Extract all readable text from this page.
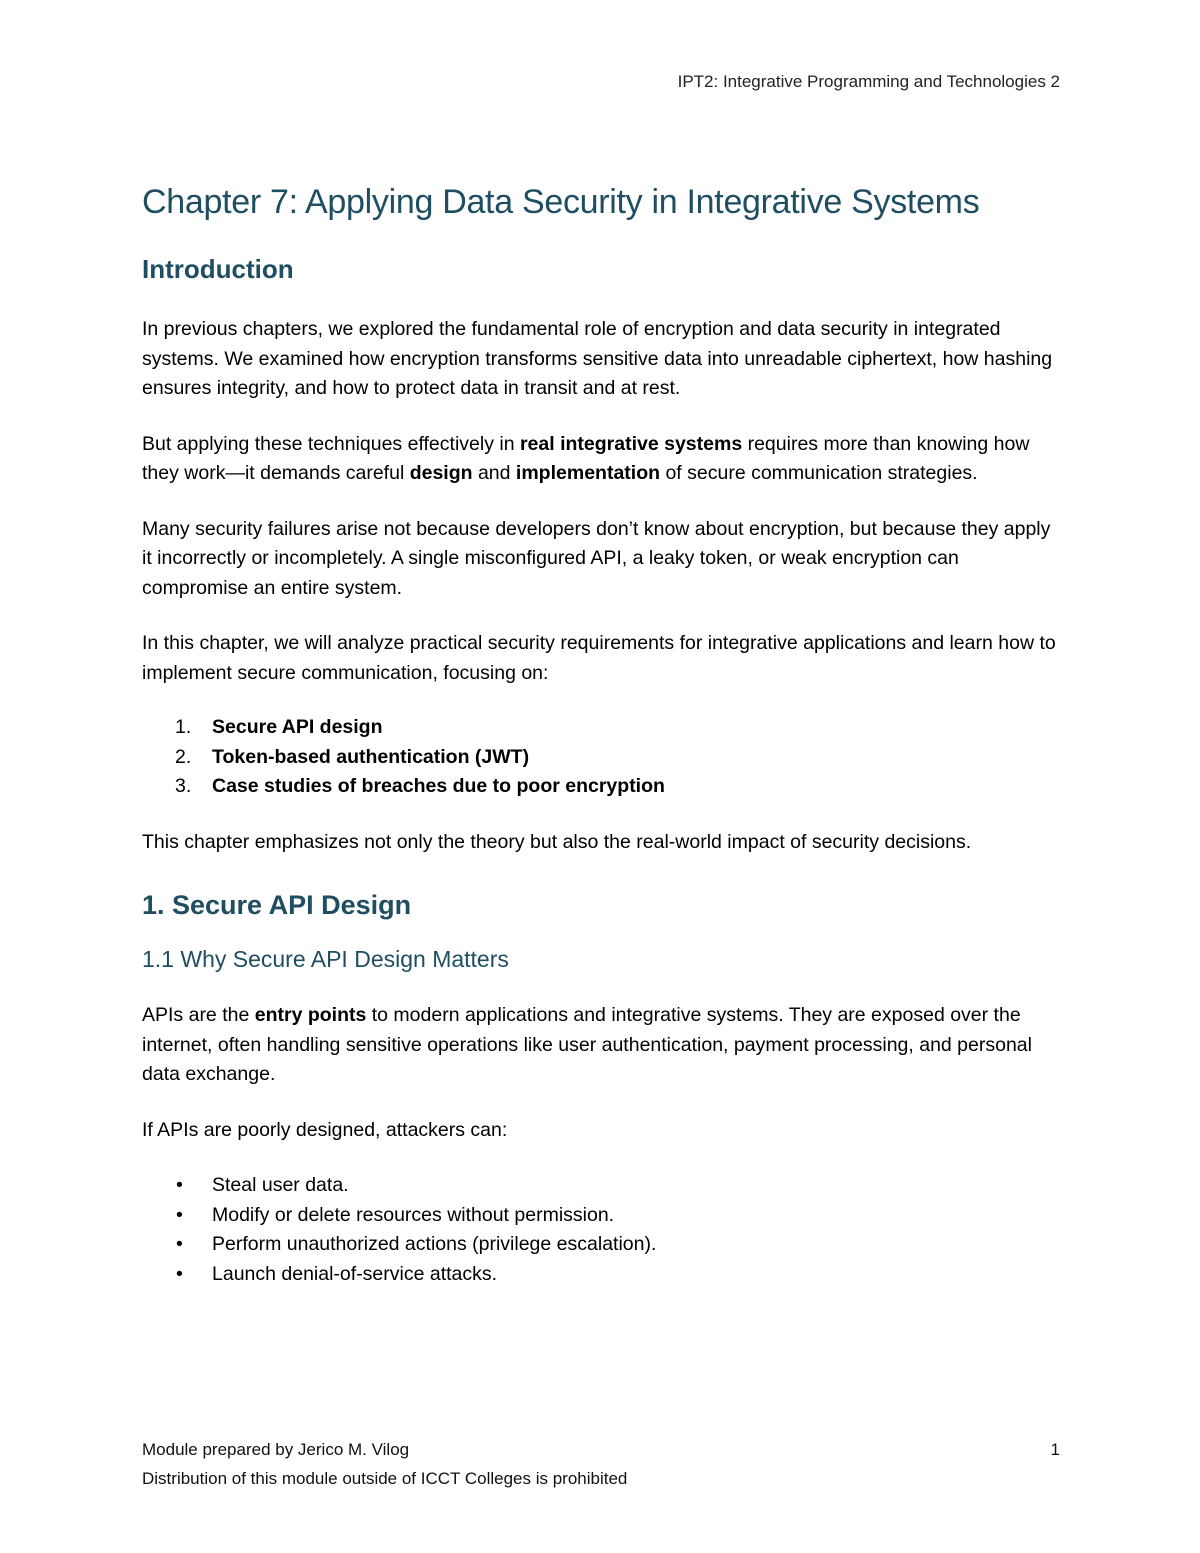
IPT2: Integrative Programming and Technologies 2
Chapter 7: Applying Data Security in Integrative Systems
Introduction

In previous chapters, we explored the fundamental role of encryption and data security in integrated systems. We examined how encryption transforms sensitive data into unreadable ciphertext, how hashing ensures integrity, and how to protect data in transit and at rest.

But applying these techniques effectively in real integrative systems requires more than knowing how they work—it demands careful design and implementation of secure communication strategies.

Many security failures arise not because developers don’t know about encryption, but because they apply it incorrectly or incompletely. A single misconfigured API, a leaky token, or weak encryption can compromise an entire system.

In this chapter, we will analyze practical security requirements for integrative applications and learn how to implement secure communication, focusing on:

1.	Secure API design
2.	Token-based authentication (JWT)
3.	Case studies of breaches due to poor encryption

This chapter emphasizes not only the theory but also the real-world impact of security decisions.

1. Secure API Design
1.1 Why Secure API Design Matters

APIs are the entry points to modern applications and integrative systems. They are exposed over the internet, often handling sensitive operations like user authentication, payment processing, and personal data exchange.

If APIs are poorly designed, attackers can:

•	Steal user data.
•	Modify or delete resources without permission.
•	Perform unauthorized actions (privilege escalation).
•	Launch denial-of-service attacks.
Module prepared by Jerico M. Vilog
Distribution of this module outside of ICCT Colleges is prohibited
1
